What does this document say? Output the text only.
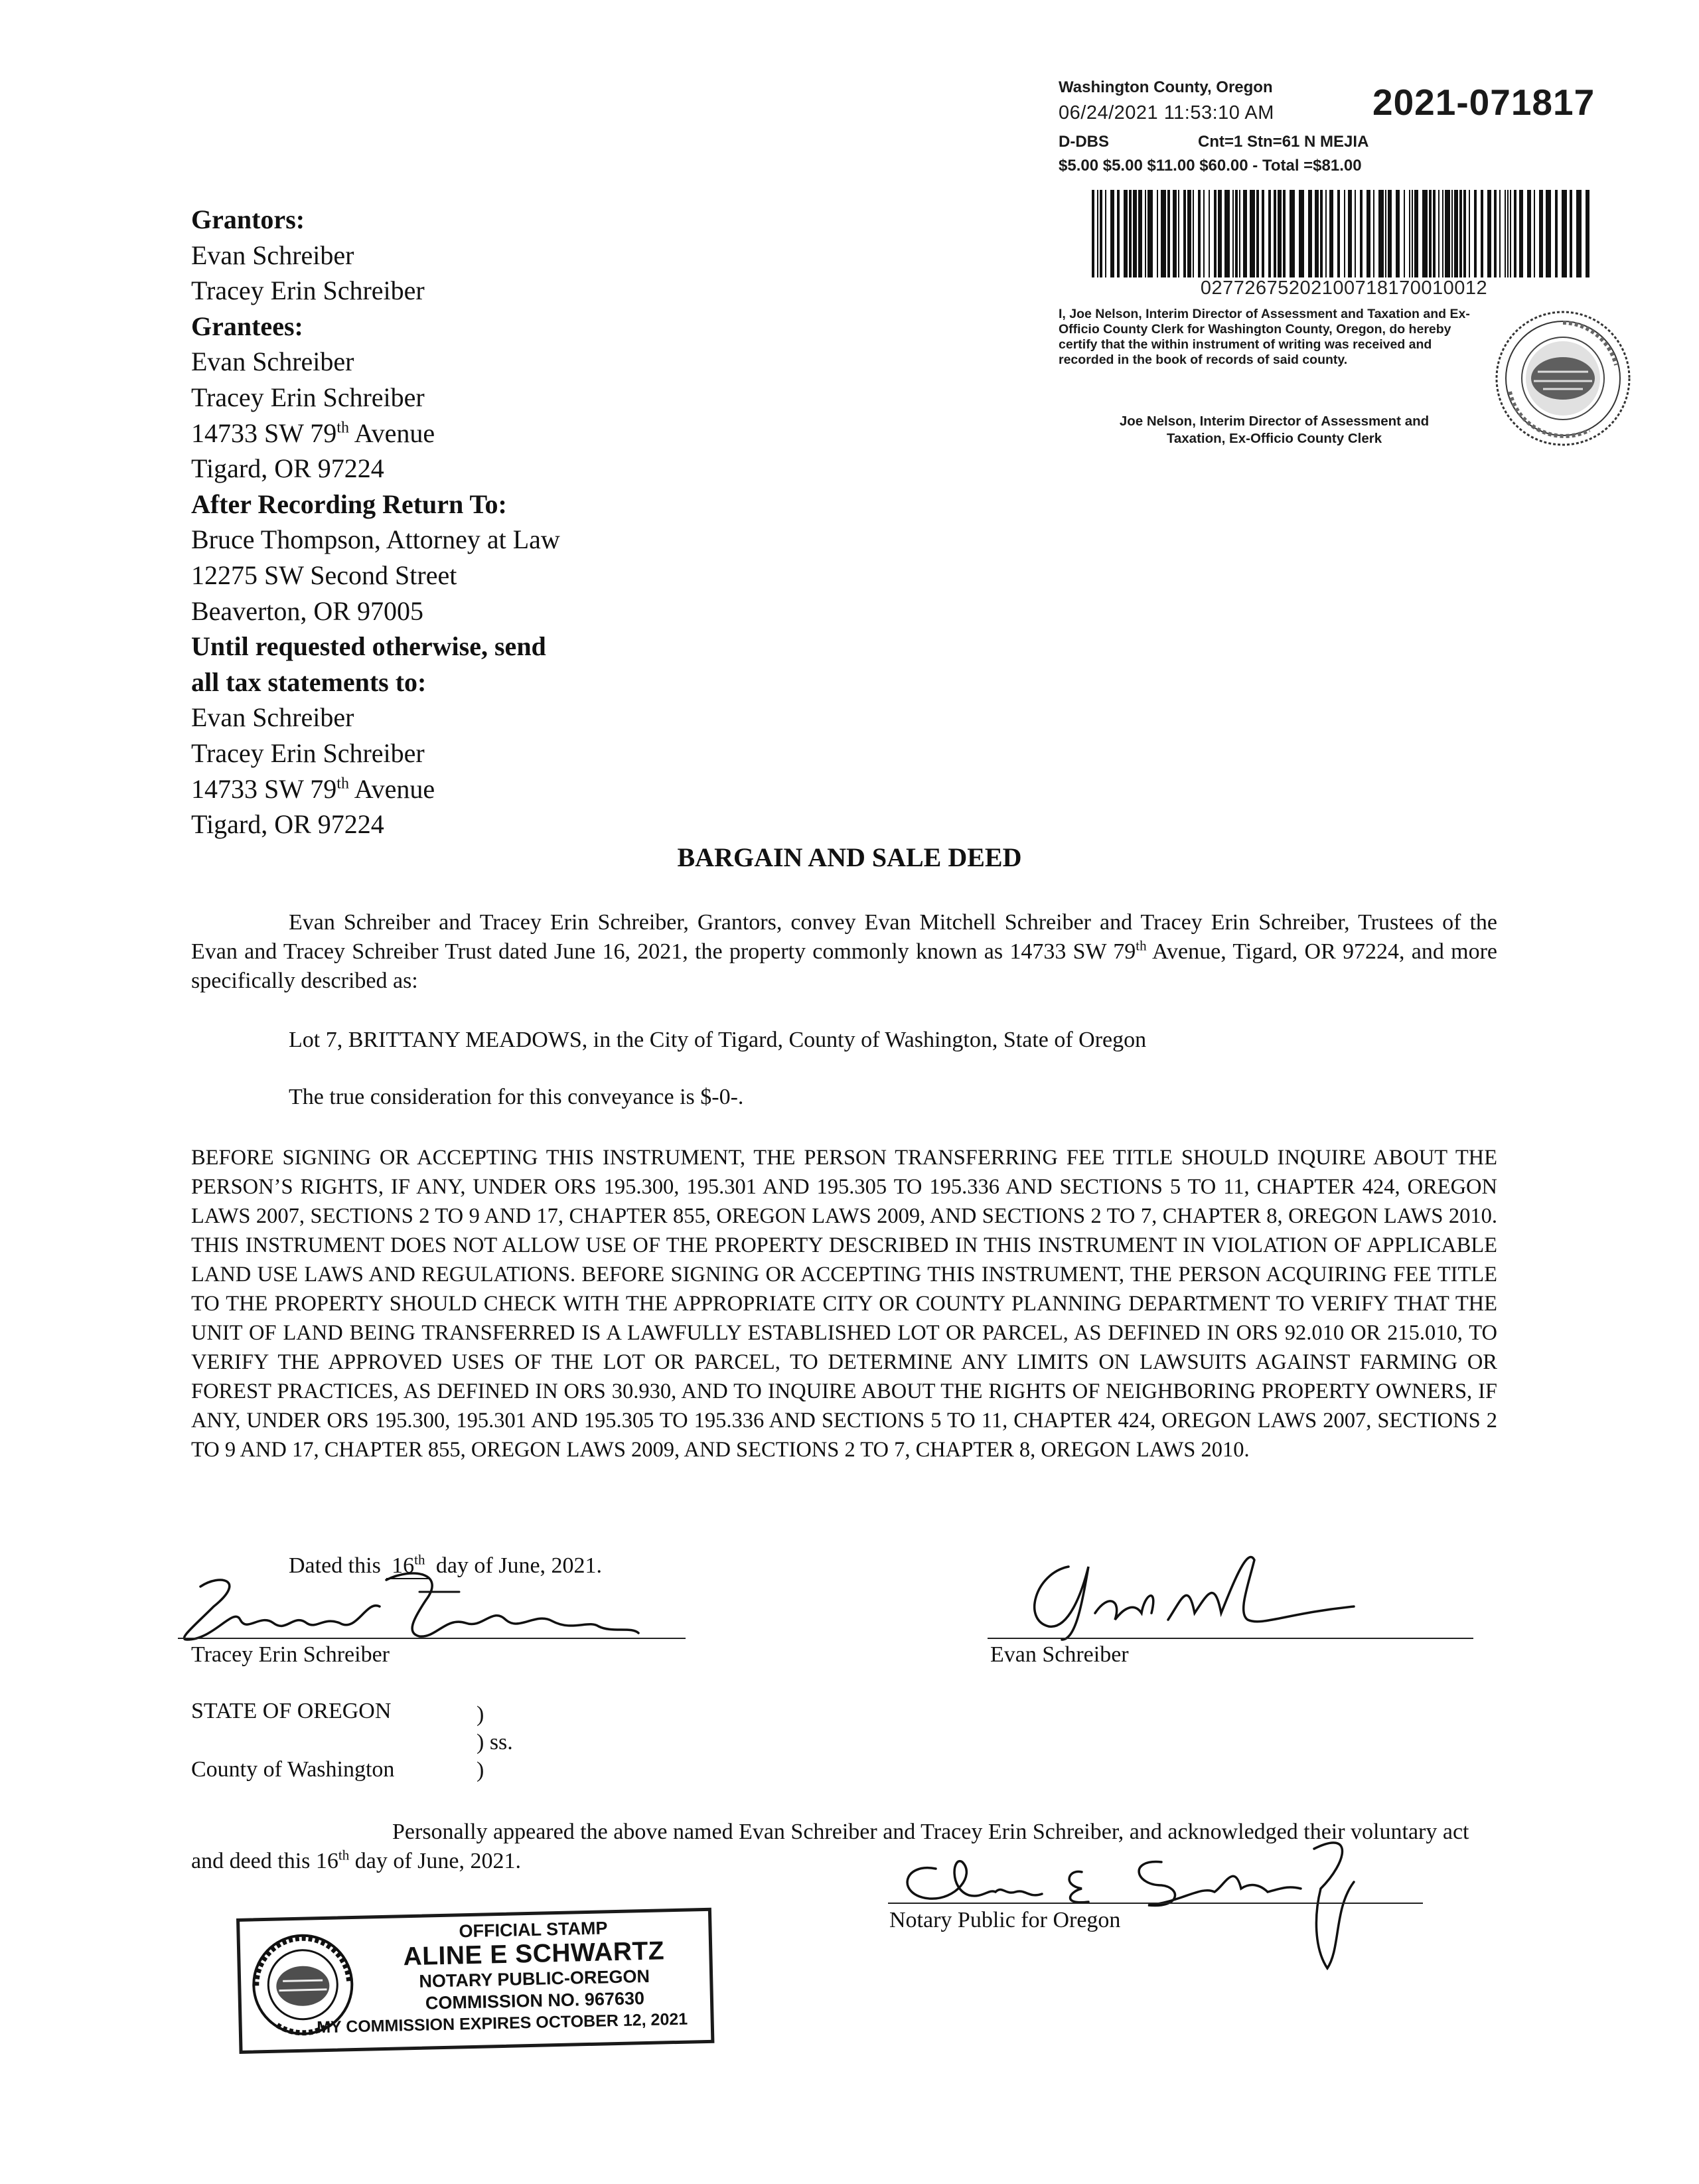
Washington County, Oregon
06/24/2021 11:53:10 AM	2021-071817
D-DBS	Cnt=1 Stn=61 N MEJIA
$5.00 $5.00 $11.00 $60.00 - Total =$81.00
02772675202100718170010012
I, Joe Nelson, Interim Director of Assessment and Taxation and Ex-Officio County Clerk for Washington County, Oregon, do hereby certify that the within instrument of writing was received and recorded in the book of records of said county.
Joe Nelson, Interim Director of Assessment and
Taxation, Ex-Officio County Clerk
Grantors:
Evan Schreiber
Tracey Erin Schreiber
Grantees:
Evan Schreiber
Tracey Erin Schreiber
14733 SW 79th Avenue
Tigard, OR 97224
After Recording Return To:
Bruce Thompson, Attorney at Law
12275 SW Second Street
Beaverton, OR 97005
Until requested otherwise, send
all tax statements to:
Evan Schreiber
Tracey Erin Schreiber
14733 SW 79th Avenue
Tigard, OR 97224
BARGAIN AND SALE DEED
Evan Schreiber and Tracey Erin Schreiber, Grantors, convey Evan Mitchell Schreiber and Tracey Erin Schreiber, Trustees of the Evan and Tracey Schreiber Trust dated June 16, 2021, the property commonly known as 14733 SW 79th Avenue, Tigard, OR 97224, and more specifically described as:
Lot 7, BRITTANY MEADOWS, in the City of Tigard, County of Washington, State of Oregon
The true consideration for this conveyance is $-0-.
BEFORE SIGNING OR ACCEPTING THIS INSTRUMENT, THE PERSON TRANSFERRING FEE TITLE SHOULD INQUIRE ABOUT THE PERSON’S RIGHTS, IF ANY, UNDER ORS 195.300, 195.301 AND 195.305 TO 195.336 AND SECTIONS 5 TO 11, CHAPTER 424, OREGON LAWS 2007, SECTIONS 2 TO 9 AND 17, CHAPTER 855, OREGON LAWS 2009, AND SECTIONS 2 TO 7, CHAPTER 8, OREGON LAWS 2010. THIS INSTRUMENT DOES NOT ALLOW USE OF THE PROPERTY DESCRIBED IN THIS INSTRUMENT IN VIOLATION OF APPLICABLE LAND USE LAWS AND REGULATIONS. BEFORE SIGNING OR ACCEPTING THIS INSTRUMENT, THE PERSON ACQUIRING FEE TITLE TO THE PROPERTY SHOULD CHECK WITH THE APPROPRIATE CITY OR COUNTY PLANNING DEPARTMENT TO VERIFY THAT THE UNIT OF LAND BEING TRANSFERRED IS A LAWFULLY ESTABLISHED LOT OR PARCEL, AS DEFINED IN ORS 92.010 OR 215.010, TO VERIFY THE APPROVED USES OF THE LOT OR PARCEL, TO DETERMINE ANY LIMITS ON LAWSUITS AGAINST FARMING OR FOREST PRACTICES, AS DEFINED IN ORS 30.930, AND TO INQUIRE ABOUT THE RIGHTS OF NEIGHBORING PROPERTY OWNERS, IF ANY, UNDER ORS 195.300, 195.301 AND 195.305 TO 195.336 AND SECTIONS 5 TO 11, CHAPTER 424, OREGON LAWS 2007, SECTIONS 2 TO 9 AND 17, CHAPTER 855, OREGON LAWS 2009, AND SECTIONS 2 TO 7, CHAPTER 8, OREGON LAWS 2010.
Dated this 16th day of June, 2021.
Tracey Erin Schreiber	Evan Schreiber
STATE OF OREGON
County of Washington
)
) ss.
)
Personally appeared the above named Evan Schreiber and Tracey Erin Schreiber, and acknowledged their voluntary act and deed this 16th day of June, 2021.
Notary Public for Oregon
OFFICIAL STAMP
ALINE E SCHWARTZ
NOTARY PUBLIC-OREGON
COMMISSION NO. 967630
MY COMMISSION EXPIRES OCTOBER 12, 2021
